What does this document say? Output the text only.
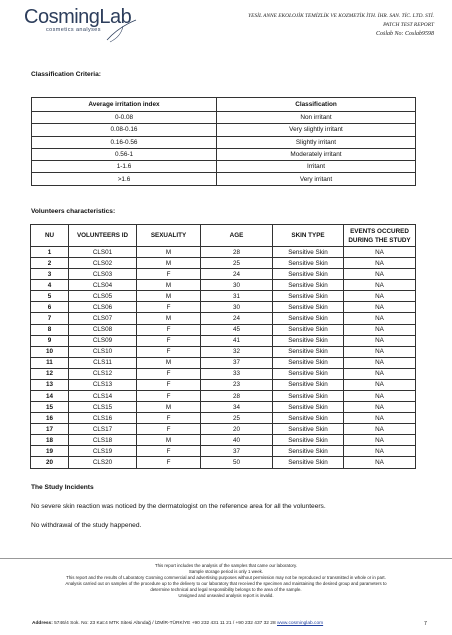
CosmingLab
cosmetics analyses
YESİL ANNE EKOLOJİK TEMİZLİK VE KOZMETİK İTH. İHR. SAN. TİC. LTD. STİ.
PATCH TEST REPORT
Coṡlab No: Coslab9598
Classification Criteria:
Average irritation index	Classification
0-0.08	Non irritant
0.08-0.16	Very slightly irritant
0.16-0.56	Slightly irritant
0.56-1	Moderately irritant
1-1.6	Irritant
>1.6	Very irritant
Volunteers characteristics:
NU	VOLUNTEERS ID	SEXUALITY	AGE	SKIN TYPE	EVENTS OCCURED DURING THE STUDY
1	CLS01	M	28	Sensitive Skin	NA
2	CLS02	M	25	Sensitive Skin	NA
3	CLS03	F	24	Sensitive Skin	NA
4	CLS04	M	30	Sensitive Skin	NA
5	CLS05	M	31	Sensitive Skin	NA
6	CLS06	F	30	Sensitive Skin	NA
7	CLS07	M	24	Sensitive Skin	NA
8	CLS08	F	45	Sensitive Skin	NA
9	CLS09	F	41	Sensitive Skin	NA
10	CLS10	F	32	Sensitive Skin	NA
11	CLS11	M	37	Sensitive Skin	NA
12	CLS12	F	33	Sensitive Skin	NA
13	CLS13	F	23	Sensitive Skin	NA
14	CLS14	F	28	Sensitive Skin	NA
15	CLS15	M	34	Sensitive Skin	NA
16	CLS16	F	25	Sensitive Skin	NA
17	CLS17	F	20	Sensitive Skin	NA
18	CLS18	M	40	Sensitive Skin	NA
19	CLS19	F	37	Sensitive Skin	NA
20	CLS20	F	50	Sensitive Skin	NA
The Study Incidents
No severe skin reaction was noticed by the dermatologist on the reference area for all the volunteers.
No withdrawal of the study happened.
This report includes the analysis of the samples that came our laboratory.
Sample storage period is only 1 week.
This report and the results of Laboratory Cosming commercial and advertising purposes without permission may not be reproduced or transmitted in whole or in part.
Analysis carried out on samples of the procedure up to the delivery to our laboratory that received the specimen and maintaining the desired group and parameters to
determine technical and legal responsibility belongs to the area of the sample.
Unsigned and unsealed analysis report is invalid.
Address: 5746/4 Sok. No: 23 Kat:4 MTK Sitesi Altındağ / İZMİR-TÜRKİYE +90 232 431 11 21 / +90 232 437 32 28 www.cosminglab.com	7
